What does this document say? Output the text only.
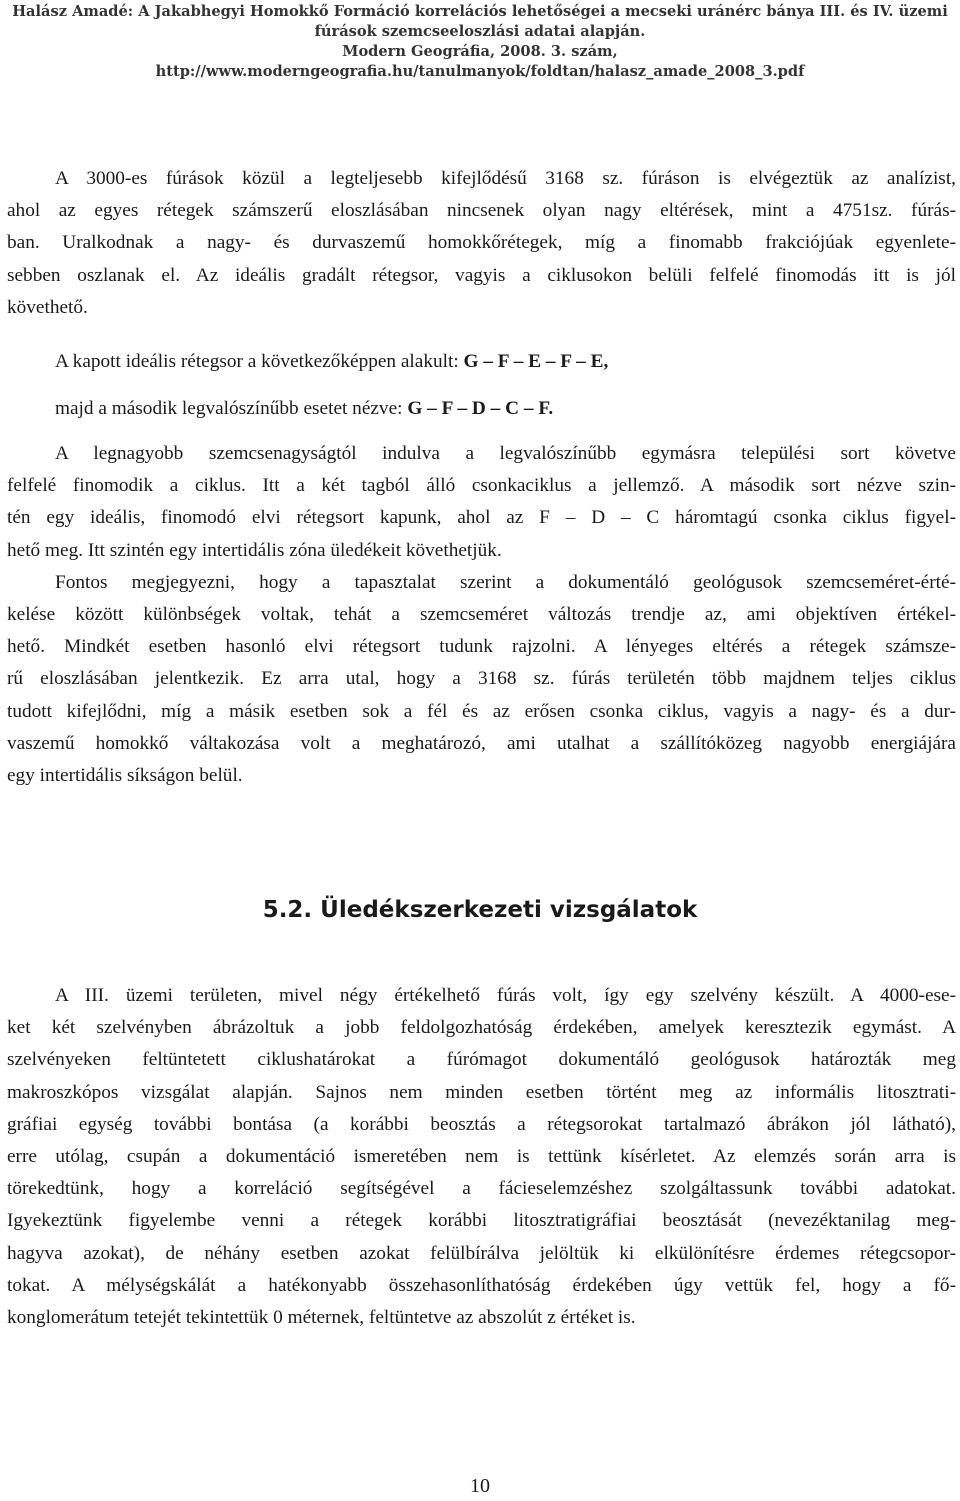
Halász Amadé: A Jakabhegyi Homokkő Formáció korrelációs lehetőségei a mecseki uránérc bánya III. és IV. üzemi
fúrások szemcseeloszlási adatai alapján.
Modern Geográfia, 2008. 3. szám,
http://www.moderngeografia.hu/tanulmanyok/foldtan/halasz_amade_2008_3.pdf
A 3000-es fúrások közül a legteljesebb kifejlődésű 3168 sz. fúráson is elvégeztük az analízist,
ahol az egyes rétegek számszerű eloszlásában nincsenek olyan nagy eltérések, mint a 4751sz. fúrás-
ban. Uralkodnak a nagy- és durvaszemű homokkőrétegek, míg a finomabb frakciójúak egyenlete-
sebben oszlanak el. Az ideális gradált rétegsor, vagyis a ciklusokon belüli felfelé finomodás itt is jól
követhető.
A kapott ideális rétegsor a következőképpen alakult: G – F – E – F – E,
majd a második legvalószínűbb esetet nézve: G – F – D – C – F.
A legnagyobb szemcsenagyságtól indulva a legvalószínűbb egymásra települési sort követve
felfelé finomodik a ciklus. Itt a két tagból álló csonkaciklus a jellemző. A második sort nézve szin-
tén egy ideális, finomodó elvi rétegsort kapunk, ahol az F – D – C háromtagú csonka ciklus figyel-
hető meg. Itt szintén egy intertidális zóna üledékeit követhetjük.
Fontos megjegyezni, hogy a tapasztalat szerint a dokumentáló geológusok szemcseméret-érté-
kelése között különbségek voltak, tehát a szemcseméret változás trendje az, ami objektíven értékel-
hető. Mindkét esetben hasonló elvi rétegsort tudunk rajzolni. A lényeges eltérés a rétegek számsze-
rű eloszlásában jelentkezik. Ez arra utal, hogy a 3168 sz. fúrás területén több majdnem teljes ciklus
tudott kifejlődni, míg a másik esetben sok a fél és az erősen csonka ciklus, vagyis a nagy- és a dur-
vaszemű homokkő váltakozása volt a meghatározó, ami utalhat a szállítóközeg nagyobb energiájára
egy intertidális síkságon belül.
5.2. Üledékszerkezeti vizsgálatok
A III. üzemi területen, mivel négy értékelhető fúrás volt, így egy szelvény készült. A 4000-ese-
ket két szelvényben ábrázoltuk a jobb feldolgozhatóság érdekében, amelyek keresztezik egymást. A
szelvényeken feltüntetett ciklushatárokat a fúrómagot dokumentáló geológusok határozták meg
makroszkópos vizsgálat alapján. Sajnos nem minden esetben történt meg az informális litosztrati-
gráfiai egység további bontása (a korábbi beosztás a rétegsorokat tartalmazó ábrákon jól látható),
erre utólag, csupán a dokumentáció ismeretében nem is tettünk kísérletet. Az elemzés során arra is
törekedtünk, hogy a korreláció segítségével a fácieselemzéshez szolgáltassunk további adatokat.
Igyekeztünk figyelembe venni a rétegek korábbi litosztratigráfiai beosztását (nevezéktanilag meg-
hagyva azokat), de néhány esetben azokat felülbírálva jelöltük ki elkülönítésre érdemes rétegcsopor-
tokat. A mélységskálát a hatékonyabb összehasonlíthatóság érdekében úgy vettük fel, hogy a fő-
konglomerátum tetejét tekintettük 0 méternek, feltüntetve az abszolút z értéket is.
10
